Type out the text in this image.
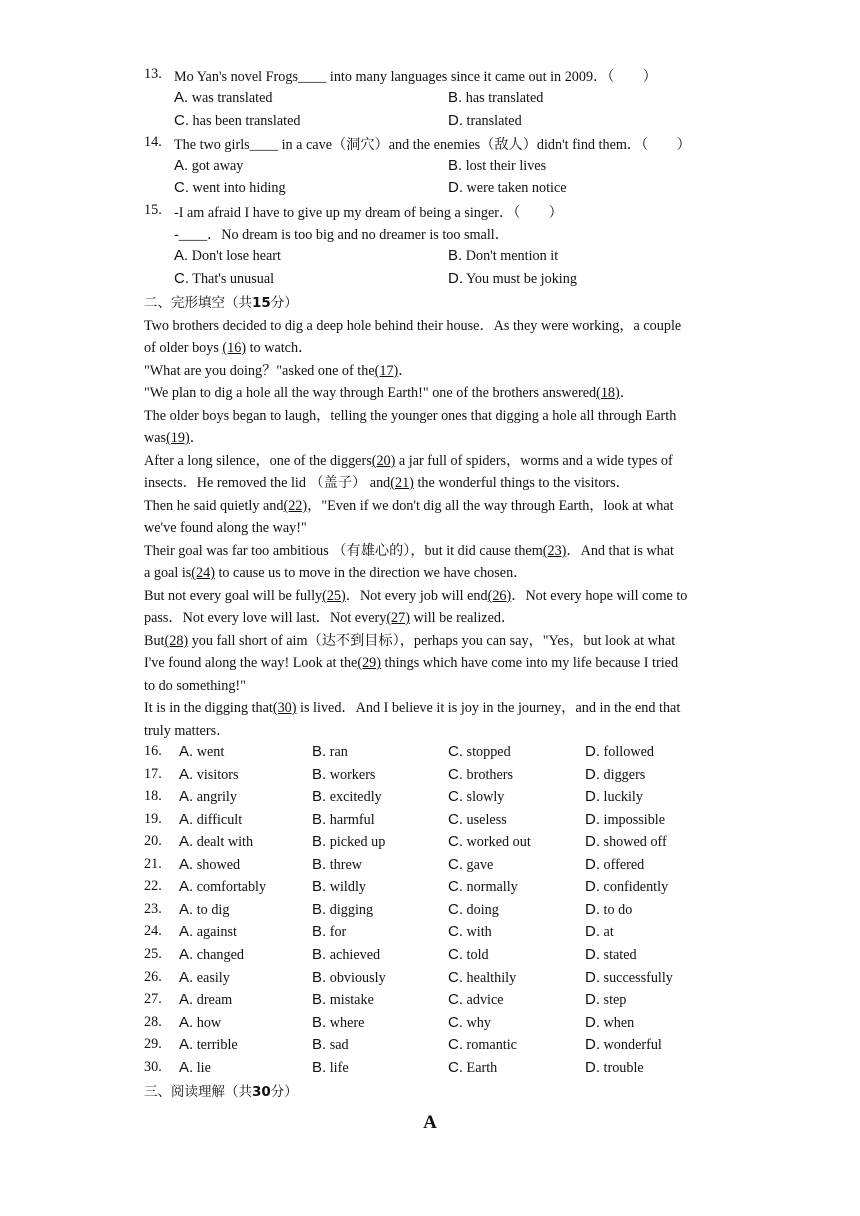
13. Mo Yan's novel Frogs____ into many languages since it came out in 2009．（　　）
A. was translated	B. has translated
C. has been translated	D. translated
14. The two girls____ in a cave（洞穴）and the enemies（敌人）didn't find them．（　　）
A. got away	B. lost their lives
C. went into hiding	D. were taken notice
15. -I am afraid I have to give up my dream of being a singer．（　　）
-____．No dream is too big and no dreamer is too small．
A. Don't lose heart	B. Don't mention it
C. That's unusual	D. You must be joking
二、完形填空（共15分）
Two brothers decided to dig a deep hole behind their house．As they were working，a couple
of older boys (16) to watch．
"What are you doing？"asked one of the(17)．
"We plan to dig a hole all the way through Earth!" one of the brothers answered(18)．
The older boys began to laugh，telling the younger ones that digging a hole all through Earth
was(19)．
After a long silence，one of the diggers(20) a jar full of spiders，worms and a wide types of
insects．He removed the lid （盖子） and(21) the wonderful things to the visitors．
Then he said quietly and(22)，"Even if we don't dig all the way through Earth，look at what
we've found along the way!"
Their goal was far too ambitious （有雄心的），but it did cause them(23)．And that is what
a goal is(24) to cause us to move in the direction we have chosen．
But not every goal will be fully(25)．Not every job will end(26)．Not every hope will come to
pass．Not every love will last．Not every(27) will be realized．
But(28) you fall short of aim（达不到目标），perhaps you can say，"Yes，but look at what
I've found along the way! Look at the(29) things which have come into my life because I tried
to do something!"
It is in the digging that(30) is lived．And I believe it is joy in the journey，and in the end that
truly matters．
16. A. went	B. ran	C. stopped	D. followed
17. A. visitors	B. workers	C. brothers	D. diggers
18. A. angrily	B. excitedly	C. slowly	D. luckily
19. A. difficult	B. harmful	C. useless	D. impossible
20. A. dealt with	B. picked up	C. worked out	D. showed off
21. A. showed	B. threw	C. gave	D. offered
22. A. comfortably	B. wildly	C. normally	D. confidently
23. A. to dig	B. digging	C. doing	D. to do
24. A. against	B. for	C. with	D. at
25. A. changed	B. achieved	C. told	D. stated
26. A. easily	B. obviously	C. healthily	D. successfully
27. A. dream	B. mistake	C. advice	D. step
28. A. how	B. where	C. why	D. when
29. A. terrible	B. sad	C. romantic	D. wonderful
30. A. lie	B. life	C. Earth	D. trouble
三、阅读理解（共30分）
A
